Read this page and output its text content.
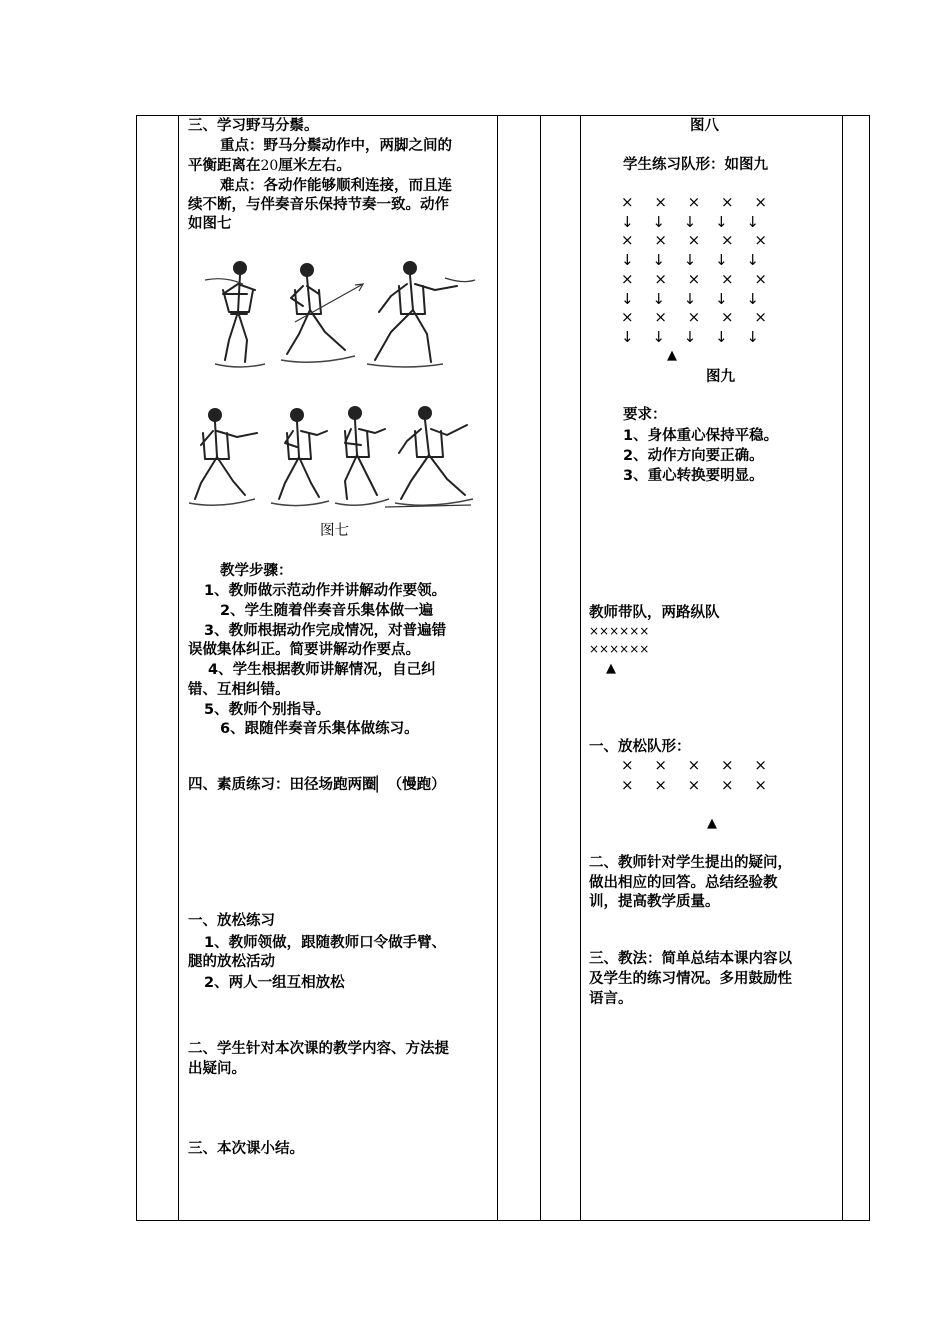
三、学习野马分鬃。
重点：野马分鬃动作中，两脚之间的
平衡距离在20厘米左右。
难点：各动作能够顺利连接，而且连
续不断，与伴奏音乐保持节奏一致。动作
如图七
图七
教学步骤：
1、教师做示范动作并讲解动作要领。
2、学生随着伴奏音乐集体做一遍
3、教师根据动作完成情况，对普遍错
误做集体纠正。简要讲解动作要点。
4、学生根据教师讲解情况，自己纠
错、互相纠错。
5、教师个别指导。
6、跟随伴奏音乐集体做练习。
四、素质练习：田径场跑两圈▏（慢跑）
一、放松练习
1、教师领做，跟随教师口令做手臂、
腿的放松活动
2、两人一组互相放松
二、学生针对本次课的教学内容、方法提
出疑问。
三、本次课小结。
图八
学生练习队形：如图九
× × × × ×
↓ ↓ ↓ ↓ ↓
× × × × ×
↓ ↓ ↓ ↓ ↓
× × × × ×
↓ ↓ ↓ ↓ ↓
× × × × ×
↓ ↓ ↓ ↓ ↓
▲
图九
要求：
1、身体重心保持平稳。
2、动作方向要正确。
3、重心转换要明显。
教师带队，两路纵队
××××××
××××××
▲
一、放松队形：
× × × × ×
× × × × ×
▲
二、教师针对学生提出的疑问，
做出相应的回答。总结经验教
训，提高教学质量。
三、教法：简单总结本课内容以
及学生的练习情况。多用鼓励性
语言。
